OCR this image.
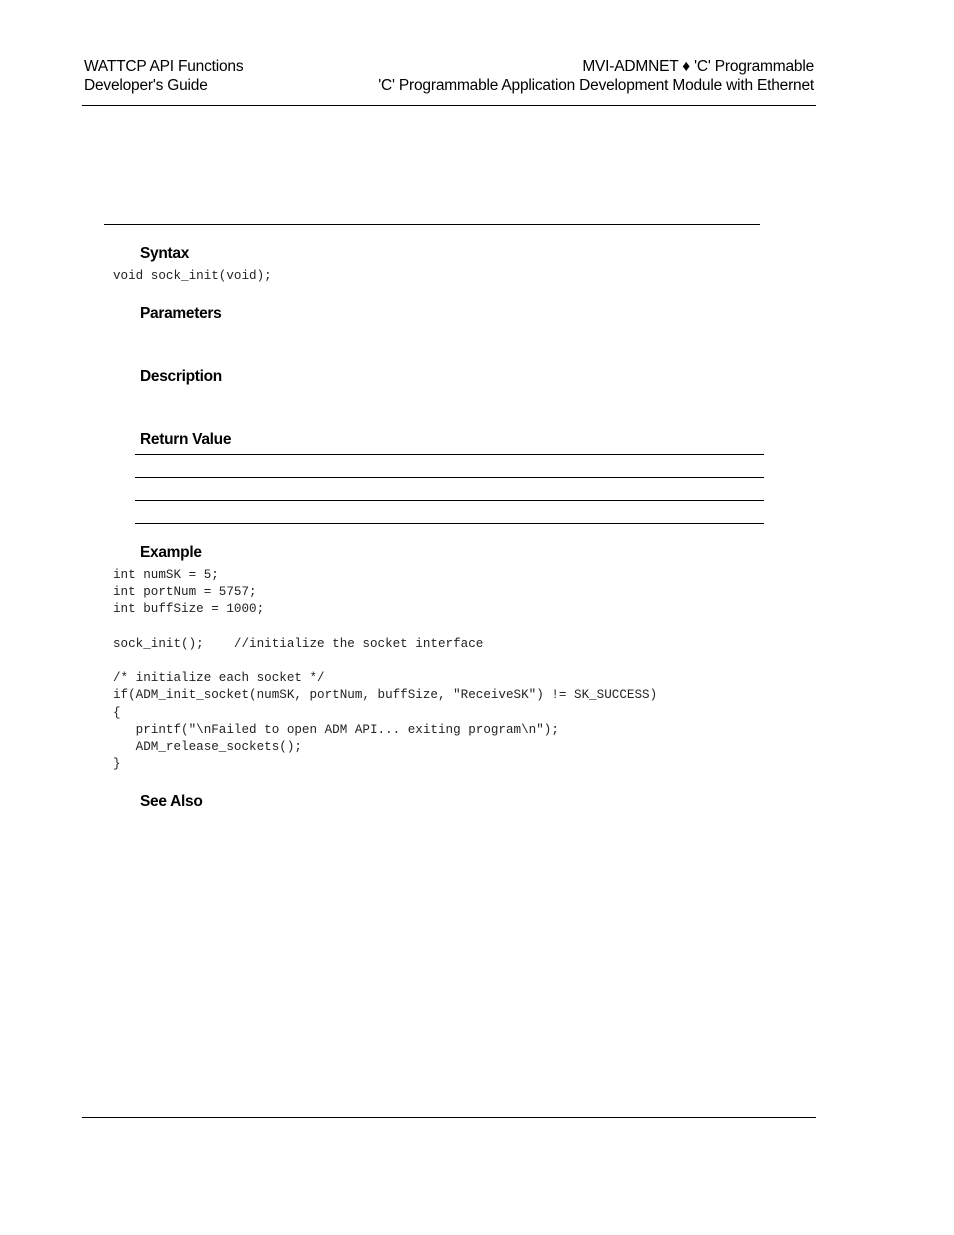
WATTCP API Functions
Developer's Guide
MVI-ADMNET ♦ 'C' Programmable
'C' Programmable Application Development Module with Ethernet
Syntax
void sock_init(void);
Parameters
Description
Return Value
Example
int numSK = 5;
int portNum = 5757;
int buffSize = 1000;
sock_init();    //initialize the socket interface
/* initialize each socket */
if(ADM_init_socket(numSK, portNum, buffSize, "ReceiveSK") != SK_SUCCESS)
{
printf("\nFailed to open ADM API... exiting program\n");
ADM_release_sockets();
}
See Also
